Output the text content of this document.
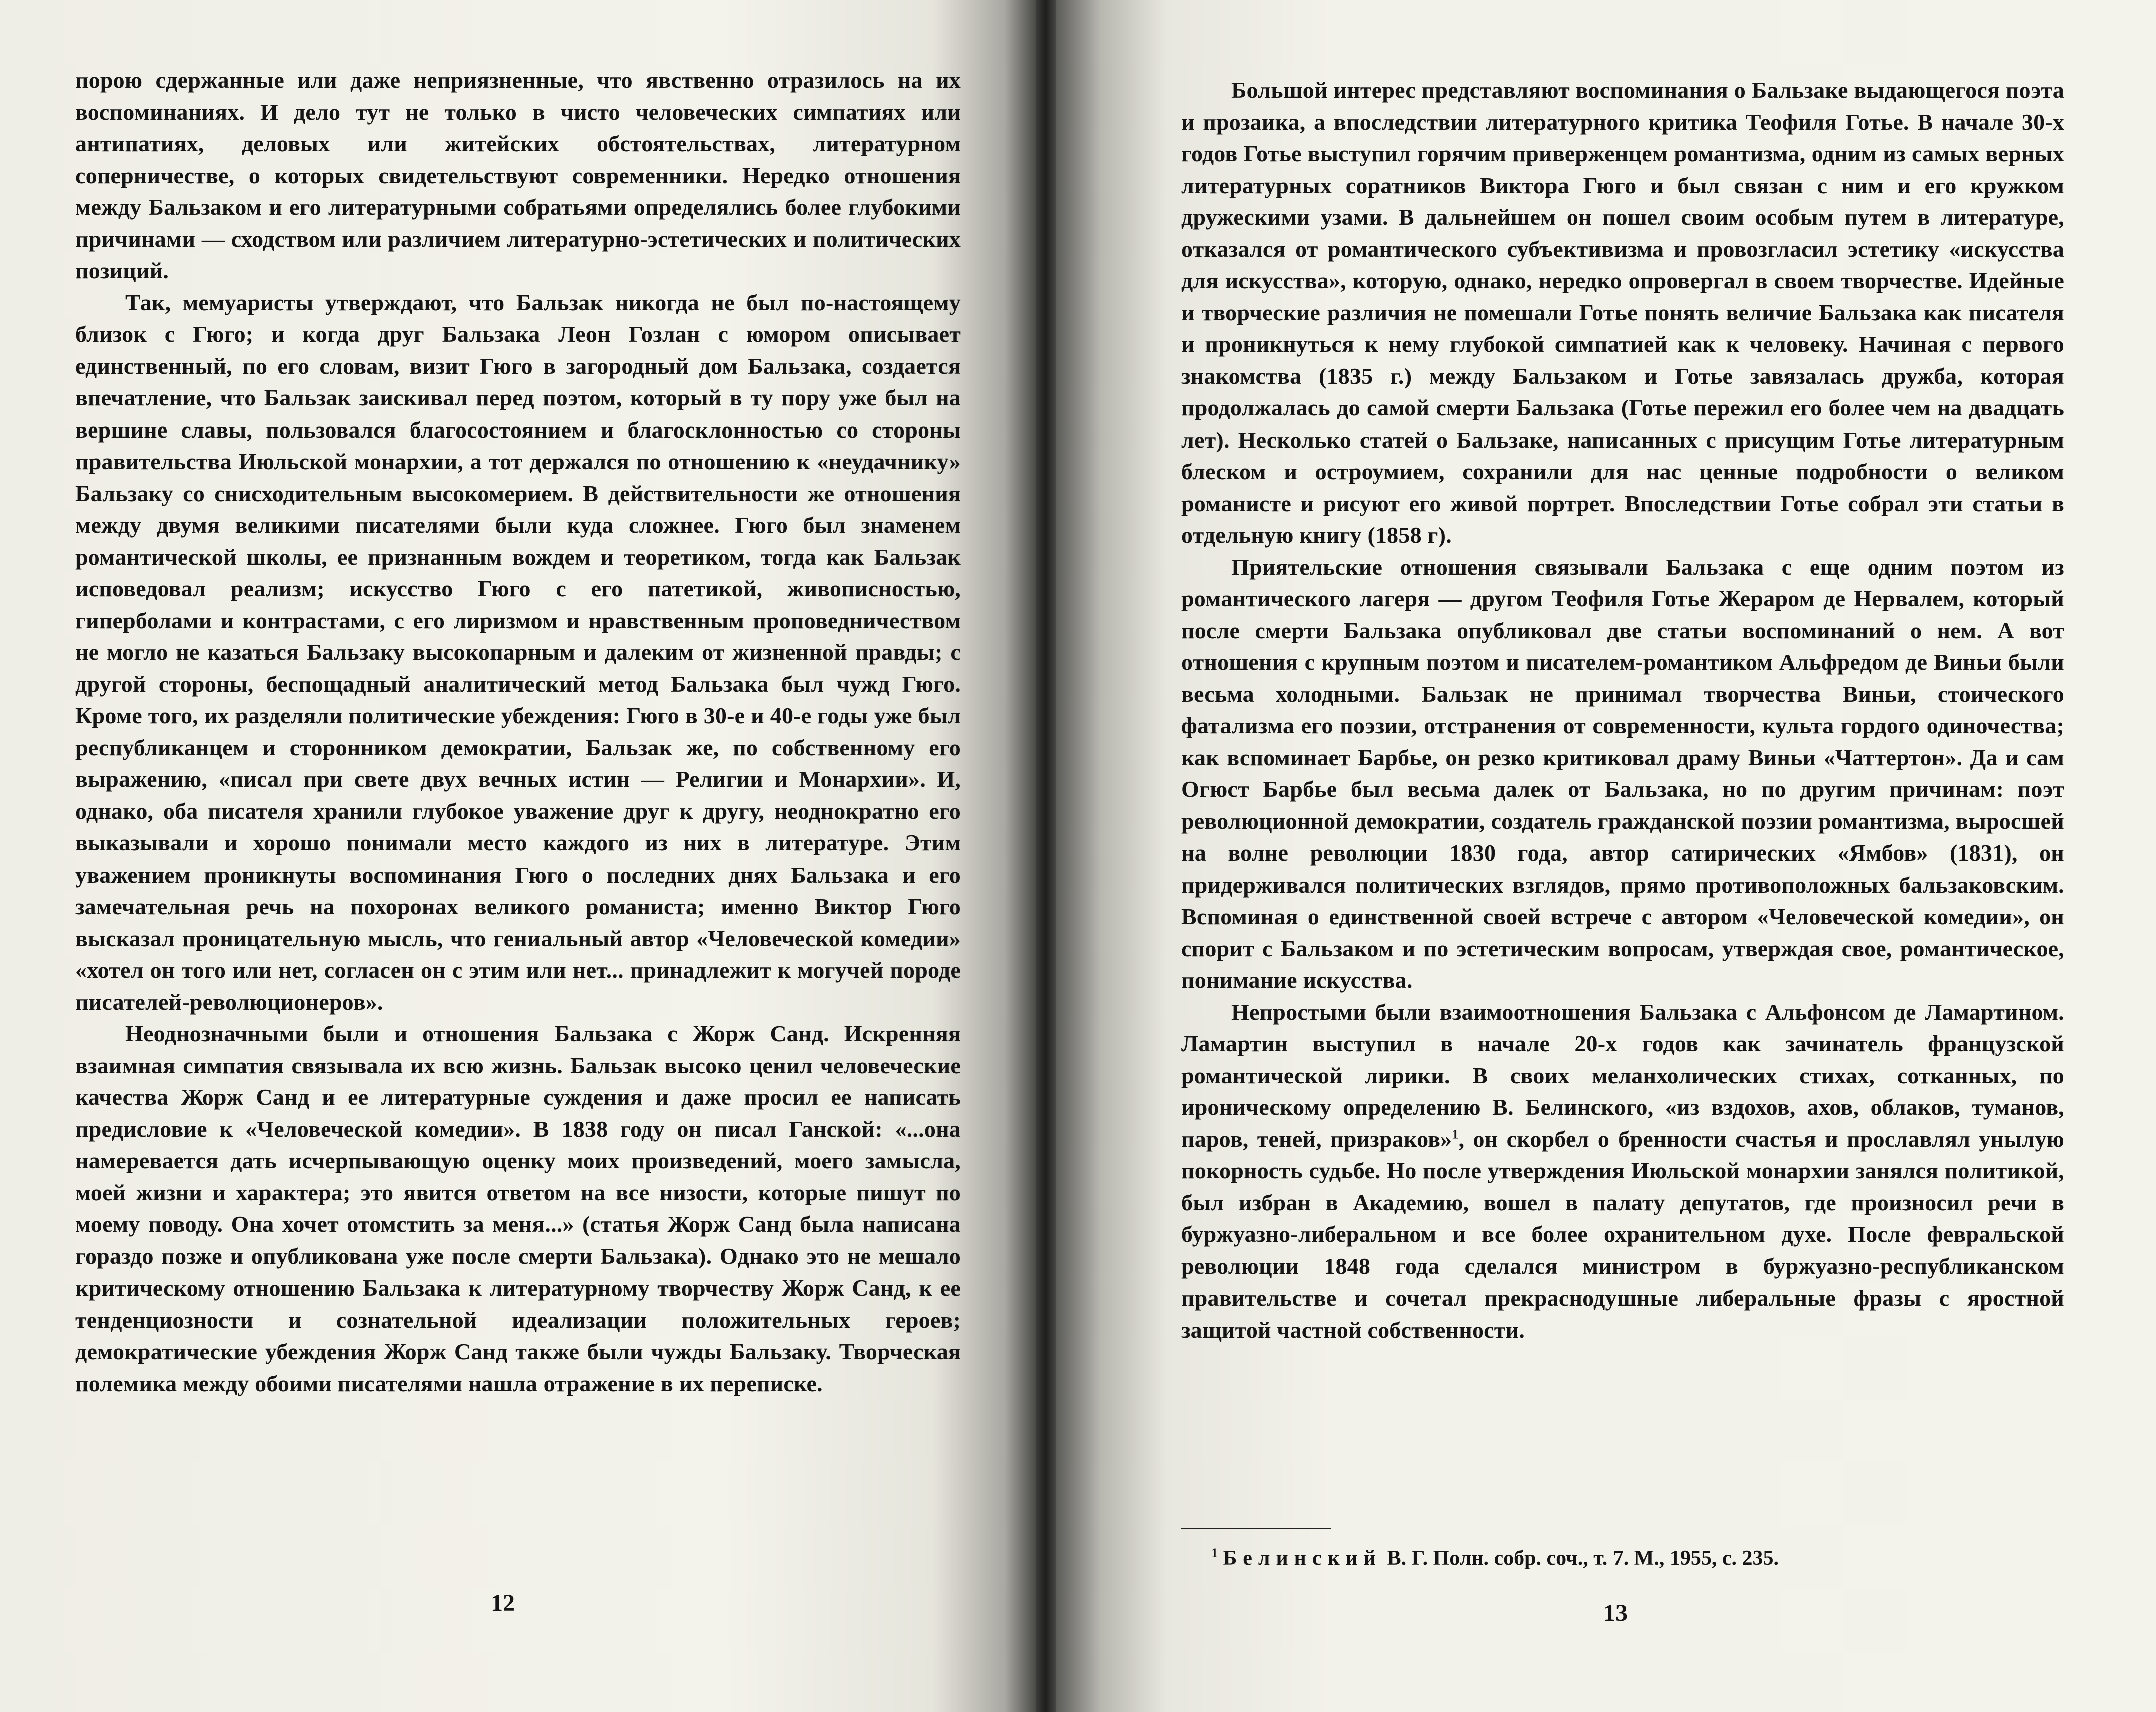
порою сдержанные или даже неприязненные, что явственно отразилось на их воспоминаниях. И дело тут не только в чисто человеческих симпатиях или антипатиях, деловых или житейских обстоятельствах, литературном соперничестве, о которых свидетельствуют современники. Нередко отношения между Бальзаком и его литературными собратьями определялись более глубокими причинами — сходством или различием литературно-эстетических и политических позиций.

Так, мемуаристы утверждают, что Бальзак никогда не был по-настоящему близок с Гюго; и когда друг Бальзака Леон Гозлан с юмором описывает единственный, по его словам, визит Гюго в загородный дом Бальзака, создается впечатление, что Бальзак заискивал перед поэтом, который в ту пору уже был на вершине славы, пользовался благосостоянием и благосклонностью со стороны правительства Июльской монархии, а тот держался по отношению к «неудачнику» Бальзаку со снисходительным высокомерием. В действительности же отношения между двумя великими писателями были куда сложнее. Гюго был знаменем романтической школы, ее признанным вождем и теоретиком, тогда как Бальзак исповедовал реализм; искусство Гюго с его патетикой, живописностью, гиперболами и контрастами, с его лиризмом и нравственным проповедничеством не могло не казаться Бальзаку высокопарным и далеким от жизненной правды; с другой стороны, беспощадный аналитический метод Бальзака был чужд Гюго. Кроме того, их разделяли политические убеждения: Гюго в 30-е и 40-е годы уже был республиканцем и сторонником демократии, Бальзак же, по собственному его выражению, «писал при свете двух вечных истин — Религии и Монархии». И, однако, оба писателя хранили глубокое уважение друг к другу, неоднократно его выказывали и хорошо понимали место каждого из них в литературе. Этим уважением проникнуты воспоминания Гюго о последних днях Бальзака и его замечательная речь на похоронах великого романиста; именно Виктор Гюго высказал проницательную мысль, что гениальный автор «Человеческой комедии» «хотел он того или нет, согласен он с этим или нет... принадлежит к могучей породе писателей-революционеров».

Неоднозначными были и отношения Бальзака с Жорж Санд. Искренняя взаимная симпатия связывала их всю жизнь. Бальзак высоко ценил человеческие качества Жорж Санд и ее литературные суждения и даже просил ее написать предисловие к «Человеческой комедии». В 1838 году он писал Ганской: «...она намеревается дать исчерпывающую оценку моих произведений, моего замысла, моей жизни и характера; это явится ответом на все низости, которые пишут по моему поводу. Она хочет отомстить за меня...» (статья Жорж Санд была написана гораздо позже и опубликована уже после смерти Бальзака). Однако это не мешало критическому отношению Бальзака к литературному творчеству Жорж Санд, к ее тенденциозности и сознательной идеализации положительных героев; демократические убеждения Жорж Санд также были чужды Бальзаку. Творческая полемика между обоими писателями нашла отражение в их переписке.

12

Большой интерес представляют воспоминания о Бальзаке выдающегося поэта и прозаика, а впоследствии литературного критика Теофиля Готье. В начале 30-х годов Готье выступил горячим приверженцем романтизма, одним из самых верных литературных соратников Виктора Гюго и был связан с ним и его кружком дружескими узами. В дальнейшем он пошел своим особым путем в литературе, отказался от романтического субъективизма и провозгласил эстетику «искусства для искусства», которую, однако, нередко опровергал в своем творчестве. Идейные и творческие различия не помешали Готье понять величие Бальзака как писателя и проникнуться к нему глубокой симпатией как к человеку. Начиная с первого знакомства (1835 г.) между Бальзаком и Готье завязалась дружба, которая продолжалась до самой смерти Бальзака (Готье пережил его более чем на двадцать лет). Несколько статей о Бальзаке, написанных с присущим Готье литературным блеском и остроумием, сохранили для нас ценные подробности о великом романисте и рисуют его живой портрет. Впоследствии Готье собрал эти статьи в отдельную книгу (1858 г).

Приятельские отношения связывали Бальзака с еще одним поэтом из романтического лагеря — другом Теофиля Готье Жераром де Нервалем, который после смерти Бальзака опубликовал две статьи воспоминаний о нем. А вот отношения с крупным поэтом и писателем-романтиком Альфредом де Виньи были весьма холодными. Бальзак не принимал творчества Виньи, стоического фатализма его поэзии, отстранения от современности, культа гордого одиночества; как вспоминает Барбье, он резко критиковал драму Виньи «Чаттертон». Да и сам Огюст Барбье был весьма далек от Бальзака, но по другим причинам: поэт революционной демократии, создатель гражданской поэзии романтизма, выросшей на волне революции 1830 года, автор сатирических «Ямбов» (1831), он придерживался политических взглядов, прямо противоположных бальзаковским. Вспоминая о единственной своей встрече с автором «Человеческой комедии», он спорит с Бальзаком и по эстетическим вопросам, утверждая свое, романтическое, понимание искусства.

Непростыми были взаимоотношения Бальзака с Альфонсом де Ламартином. Ламартин выступил в начале 20-х годов как зачинатель французской романтической лирики. В своих меланхолических стихах, сотканных, по ироническому определению В. Белинского, «из вздохов, ахов, облаков, туманов, паров, теней, призраков»$^1$, он скорбел о бренности счастья и прославлял унылую покорность судьбе. Но после утверждения Июльской монархии занялся политикой, был избран в Академию, вошел в палату депутатов, где произносил речи в буржуазно-либеральном и все более охранительном духе. После февральской революции 1848 года сделался министром в буржуазно-республиканском правительстве и сочетал прекраснодушные либеральные фразы с яростной защитой частной собственности.

$^1$ Белинский В. Г. Полн. собр. соч., т. 7. М., 1955, с. 235.
13
